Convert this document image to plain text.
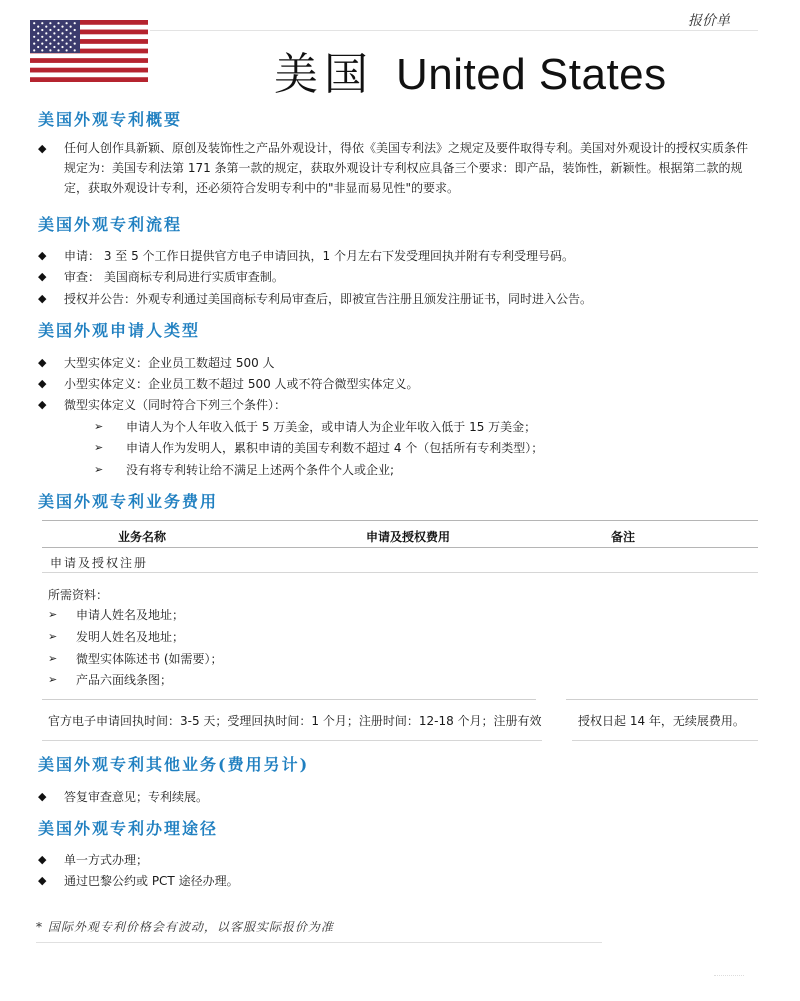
报价单
美国 United States
美国外观专利概要
◆ 任何人创作具新颖、原创及装饰性之产品外观设计，得依《美国专利法》之规定及要件取得专利。美国对外观设计的授权实质条件
规定为：美国专利法第 171 条第一款的规定，获取外观设计专利权应具备三个要求：即产品，装饰性，新颖性。根据第二款的规
定，获取外观设计专利，还必须符合发明专利中的"非显而易见性"的要求。
美国外观专利流程
◆ 申请： 3 至 5 个工作日提供官方电子申请回执，1 个月左右下发受理回执并附有专利受理号码。
◆ 审查： 美国商标专利局进行实质审查制。
◆ 授权并公告：外观专利通过美国商标专利局审查后，即被宣告注册且颁发注册证书，同时进入公告。
美国外观申请人类型
◆ 大型实体定义：企业员工数超过 500 人
◆ 小型实体定义：企业员工数不超过 500 人或不符合微型实体定义。
◆ 微型实体定义（同时符合下列三个条件）：
➢ 申请人为个人年收入低于 5 万美金，或申请人为企业年收入低于 15 万美金；
➢ 申请人作为发明人，累积申请的美国专利数不超过 4 个（包括所有专利类型）；
➢ 没有将专利转让给不满足上述两个条件个人或企业;
美国外观专利业务费用
业务名称	申请及授权费用	备注
申请及授权注册
所需资料：
➢ 申请人姓名及地址；
➢ 发明人姓名及地址；
➢ 微型实体陈述书 (如需要）；
➢ 产品六面线条图；
官方电子申请回执时间：3-5 天；受理回执时间：1 个月；注册时间：12-18 个月；注册有效	授权日起 14 年，无续展费用。
美国外观专利其他业务(费用另计)
◆ 答复审查意见；专利续展。
美国外观专利办理途径
◆ 单一方式办理；
◆ 通过巴黎公约或 PCT 途径办理。
* 国际外观专利价格会有波动，以客服实际报价为准
